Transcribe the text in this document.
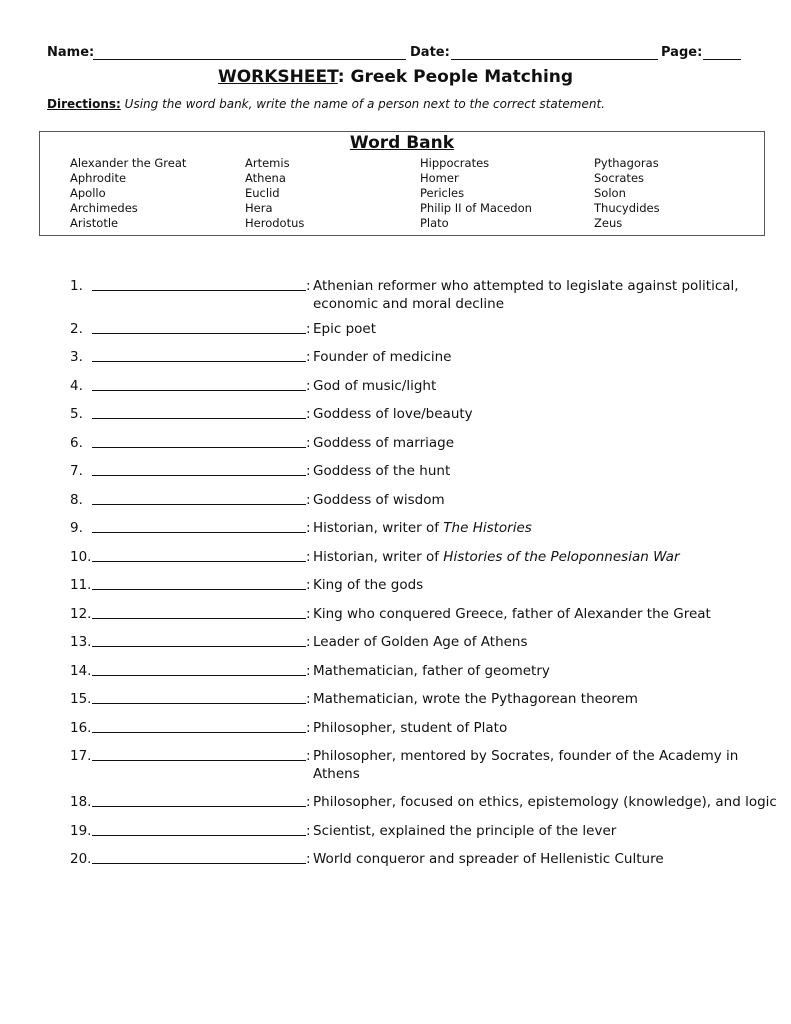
Name:	Date:	Page:
WORKSHEET: Greek People Matching
Directions: Using the word bank, write the name of a person next to the correct statement.
Word Bank
Alexander the Great
Aphrodite
Apollo
Archimedes
Aristotle
Artemis
Athena
Euclid
Hera
Herodotus
Hippocrates
Homer
Pericles
Philip II of Macedon
Plato
Pythagoras
Socrates
Solon
Thucydides
Zeus
1.	: Athenian reformer who attempted to legislate against political, economic and moral decline
2.	: Epic poet
3.	: Founder of medicine
4.	: God of music/light
5.	: Goddess of love/beauty
6.	: Goddess of marriage
7.	: Goddess of the hunt
8.	: Goddess of wisdom
9.	: Historian, writer of The Histories
10.	: Historian, writer of Histories of the Peloponnesian War
11.	: King of the gods
12.	: King who conquered Greece, father of Alexander the Great
13.	: Leader of Golden Age of Athens
14.	: Mathematician, father of geometry
15.	: Mathematician, wrote the Pythagorean theorem
16.	: Philosopher, student of Plato
17.	: Philosopher, mentored by Socrates, founder of the Academy in Athens
18.	: Philosopher, focused on ethics, epistemology (knowledge), and logic
19.	: Scientist, explained the principle of the lever
20.	: World conqueror and spreader of Hellenistic Culture
